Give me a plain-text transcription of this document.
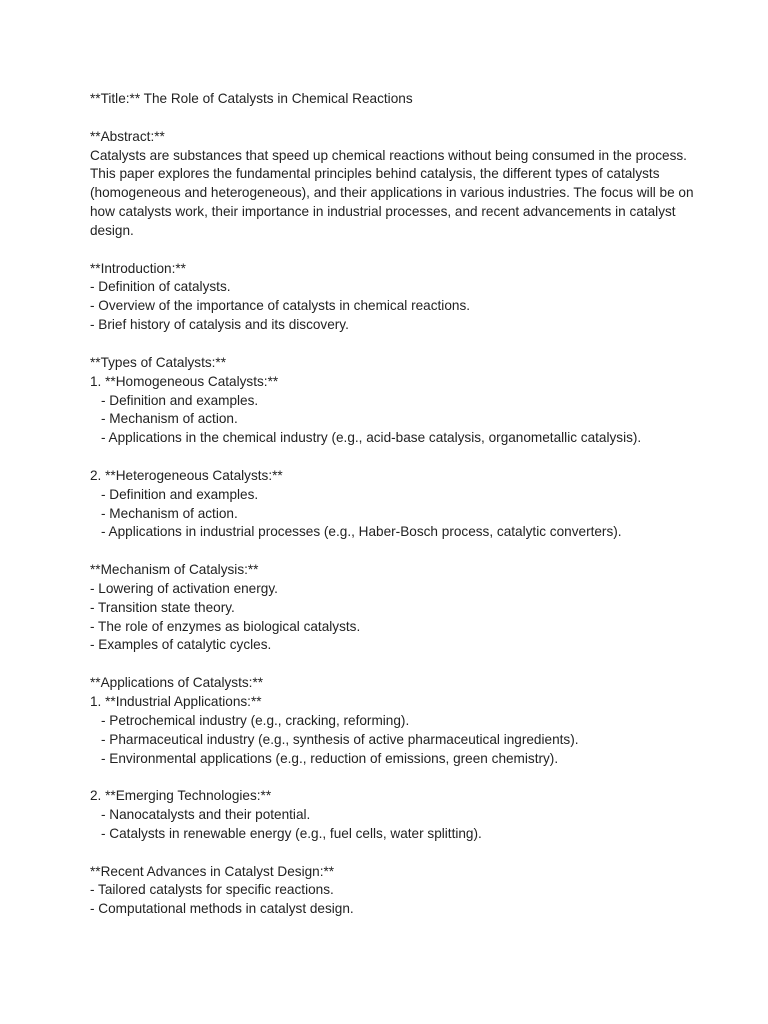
**Title:** The Role of Catalysts in Chemical Reactions

**Abstract:**

Catalysts are substances that speed up chemical reactions without being consumed in the process. This paper explores the fundamental principles behind catalysis, the different types of catalysts (homogeneous and heterogeneous), and their applications in various industries. The focus will be on how catalysts work, their importance in industrial processes, and recent advancements in catalyst design.

**Introduction:**

- Definition of catalysts.

- Overview of the importance of catalysts in chemical reactions.

- Brief history of catalysis and its discovery.

**Types of Catalysts:**

1. **Homogeneous Catalysts:**

- Definition and examples.

- Mechanism of action.

- Applications in the chemical industry (e.g., acid-base catalysis, organometallic catalysis).

2. **Heterogeneous Catalysts:**

- Definition and examples.

- Mechanism of action.

- Applications in industrial processes (e.g., Haber-Bosch process, catalytic converters).

**Mechanism of Catalysis:**

- Lowering of activation energy.

- Transition state theory.

- The role of enzymes as biological catalysts.

- Examples of catalytic cycles.

**Applications of Catalysts:**

1. **Industrial Applications:**

- Petrochemical industry (e.g., cracking, reforming).

- Pharmaceutical industry (e.g., synthesis of active pharmaceutical ingredients).

- Environmental applications (e.g., reduction of emissions, green chemistry).

2. **Emerging Technologies:**

- Nanocatalysts and their potential.

- Catalysts in renewable energy (e.g., fuel cells, water splitting).

**Recent Advances in Catalyst Design:**

- Tailored catalysts for specific reactions.

- Computational methods in catalyst design.
